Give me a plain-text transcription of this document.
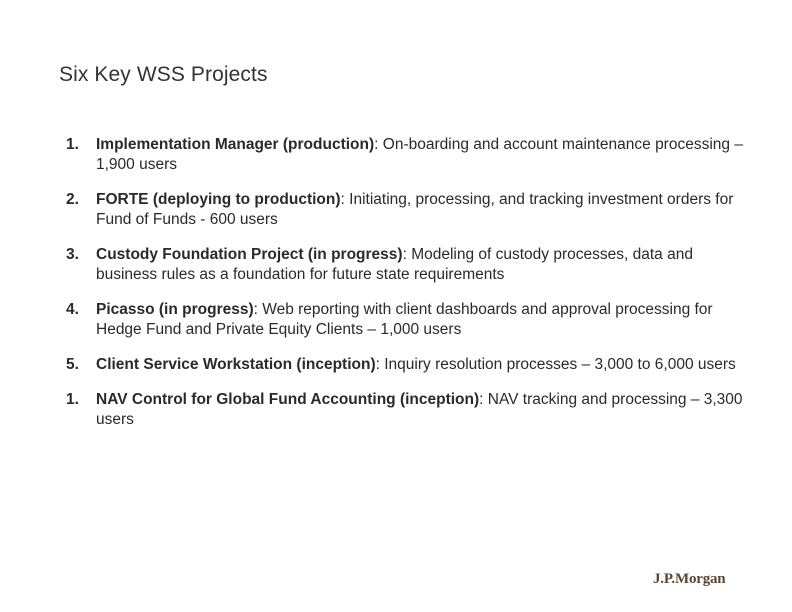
Six Key WSS Projects
1.	Implementation Manager (production): On-boarding and account maintenance processing – 1,900 users
2.	FORTE (deploying to production): Initiating, processing, and tracking investment orders for Fund of Funds - 600 users
3.	Custody Foundation Project (in progress): Modeling of custody processes, data and business rules as a foundation for future state requirements
4.	Picasso (in progress): Web reporting with client dashboards and approval processing for Hedge Fund and Private Equity Clients – 1,000 users
5.	Client Service Workstation (inception): Inquiry resolution processes – 3,000 to 6,000 users
1.	NAV Control for Global Fund Accounting (inception): NAV tracking and processing – 3,300 users
J.P.Morgan
